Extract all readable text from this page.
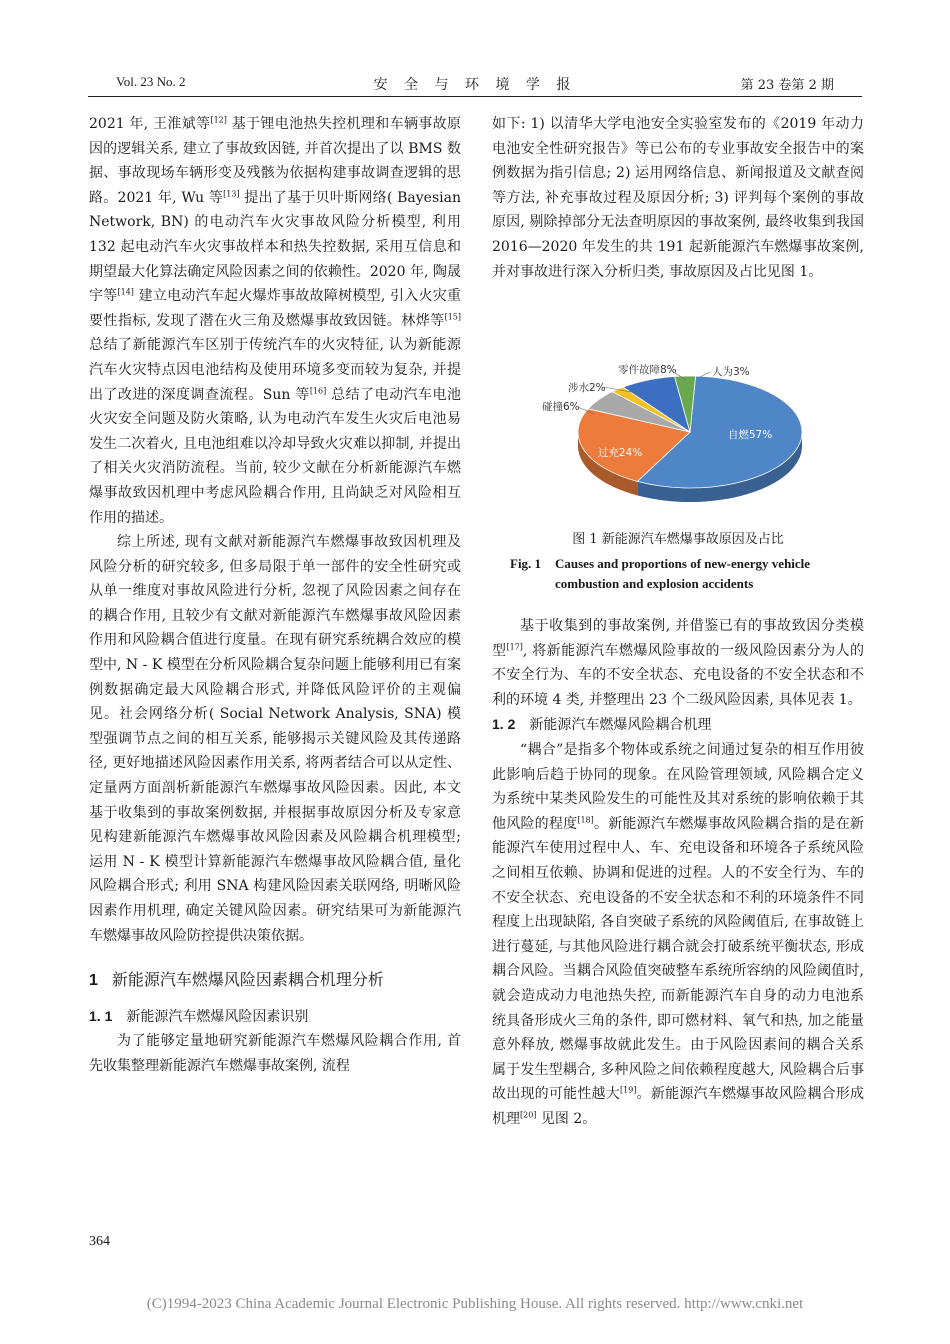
Vol. 23 No. 2	安 全 与 环 境 学 报	第 23 卷第 2 期

2021 年, 王淮斌等[12] 基于锂电池热失控机理和车辆事故原因的逻辑关系, 建立了事故致因链, 并首次提出了以 BMS 数据、事故现场车辆形变及残骸为依据构建事故调查逻辑的思路。2021 年, Wu 等[13] 提出了基于贝叶斯网络( Bayesian Network, BN) 的电动汽车火灾事故风险分析模型, 利用 132 起电动汽车火灾事故样本和热失控数据, 采用互信息和期望最大化算法确定风险因素之间的依赖性。2020 年, 陶晟宇等[14] 建立电动汽车起火爆炸事故故障树模型, 引入火灾重要性指标, 发现了潜在火三角及燃爆事故致因链。林烨等[15] 总结了新能源汽车区别于传统汽车的火灾特征, 认为新能源汽车火灾特点因电池结构及使用环境多变而较为复杂, 并提出了改进的深度调查流程。Sun 等[16] 总结了电动汽车电池火灾安全问题及防火策略, 认为电动汽车发生火灾后电池易发生二次着火, 且电池组难以冷却导致火灾难以抑制, 并提出了相关火灾消防流程。当前, 较少文献在分析新能源汽车燃爆事故致因机理中考虑风险耦合作用, 且尚缺乏对风险相互作用的描述。

综上所述, 现有文献对新能源汽车燃爆事故致因机理及风险分析的研究较多, 但多局限于单一部件的安全性研究或从单一维度对事故风险进行分析, 忽视了风险因素之间存在的耦合作用, 且较少有文献对新能源汽车燃爆事故风险因素作用和风险耦合值进行度量。在现有研究系统耦合效应的模型中, N - K 模型在分析风险耦合复杂问题上能够利用已有案例数据确定最大风险耦合形式, 并降低风险评价的主观偏见。社会网络分析( Social Network Analysis, SNA) 模型强调节点之间的相互关系, 能够揭示关键风险及其传递路径, 更好地描述风险因素作用关系, 将两者结合可以从定性、定量两方面剖析新能源汽车燃爆事故风险因素。因此, 本文基于收集到的事故案例数据, 并根据事故原因分析及专家意见构建新能源汽车燃爆事故风险因素及风险耦合机理模型; 运用 N - K 模型计算新能源汽车燃爆事故风险耦合值, 量化风险耦合形式; 利用 SNA 构建风险因素关联网络, 明晰风险因素作用机理, 确定关键风险因素。研究结果可为新能源汽车燃爆事故风险防控提供决策依据。

1 新能源汽车燃爆风险因素耦合机理分析

1. 1 新能源汽车燃爆风险因素识别

为了能够定量地研究新能源汽车燃爆风险耦合作用, 首先收集整理新能源汽车燃爆事故案例, 流程

如下: 1) 以清华大学电池安全实验室发布的《2019 年动力电池安全性研究报告》等已公布的专业事故安全报告中的案例数据为指引信息; 2) 运用网络信息、新闻报道及文献查阅等方法, 补充事故过程及原因分析; 3) 评判每个案例的事故原因, 剔除掉部分无法查明原因的事故案例, 最终收集到我国 2016—2020 年发生的共 191 起新能源汽车燃爆事故案例, 并对事故进行深入分析归类, 事故原因及占比见图 1。

自燃57%
过充24%
碰撞6%
涉水2%
零件故障8%	人为3%
图 1 新能源汽车燃爆事故原因及占比
Fig. 1 Causes and proportions of new-energy vehicle
combustion and explosion accidents

基于收集到的事故案例, 并借鉴已有的事故致因分类模型[17], 将新能源汽车燃爆风险事故的一级风险因素分为人的不安全行为、车的不安全状态、充电设备的不安全状态和不利的环境 4 类, 并整理出 23 个二级风险因素, 具体见表 1。

1. 2 新能源汽车燃爆风险耦合机理

“耦合”是指多个物体或系统之间通过复杂的相互作用彼此影响后趋于协同的现象。在风险管理领域, 风险耦合定义为系统中某类风险发生的可能性及其对系统的影响依赖于其他风险的程度[18]。新能源汽车燃爆事故风险耦合指的是在新能源汽车使用过程中人、车、充电设备和环境各子系统风险之间相互依赖、协调和促进的过程。人的不安全行为、车的不安全状态、充电设备的不安全状态和不利的环境条件不同程度上出现缺陷, 各自突破子系统的风险阈值后, 在事故链上进行蔓延, 与其他风险进行耦合就会打破系统平衡状态, 形成耦合风险。当耦合风险值突破整车系统所容纳的风险阈值时, 就会造成动力电池热失控, 而新能源汽车自身的动力电池系统具备形成火三角的条件, 即可燃材料、氧气和热, 加之能量意外释放, 燃爆事故就此发生。由于风险因素间的耦合关系属于发生型耦合, 多种风险之间依赖程度越大, 风险耦合后事故出现的可能性越大[19]。新能源汽车燃爆事故风险耦合形成机理[20] 见图 2。

364
(C)1994-2023 China Academic Journal Electronic Publishing House. All rights reserved. http://www.cnki.net
